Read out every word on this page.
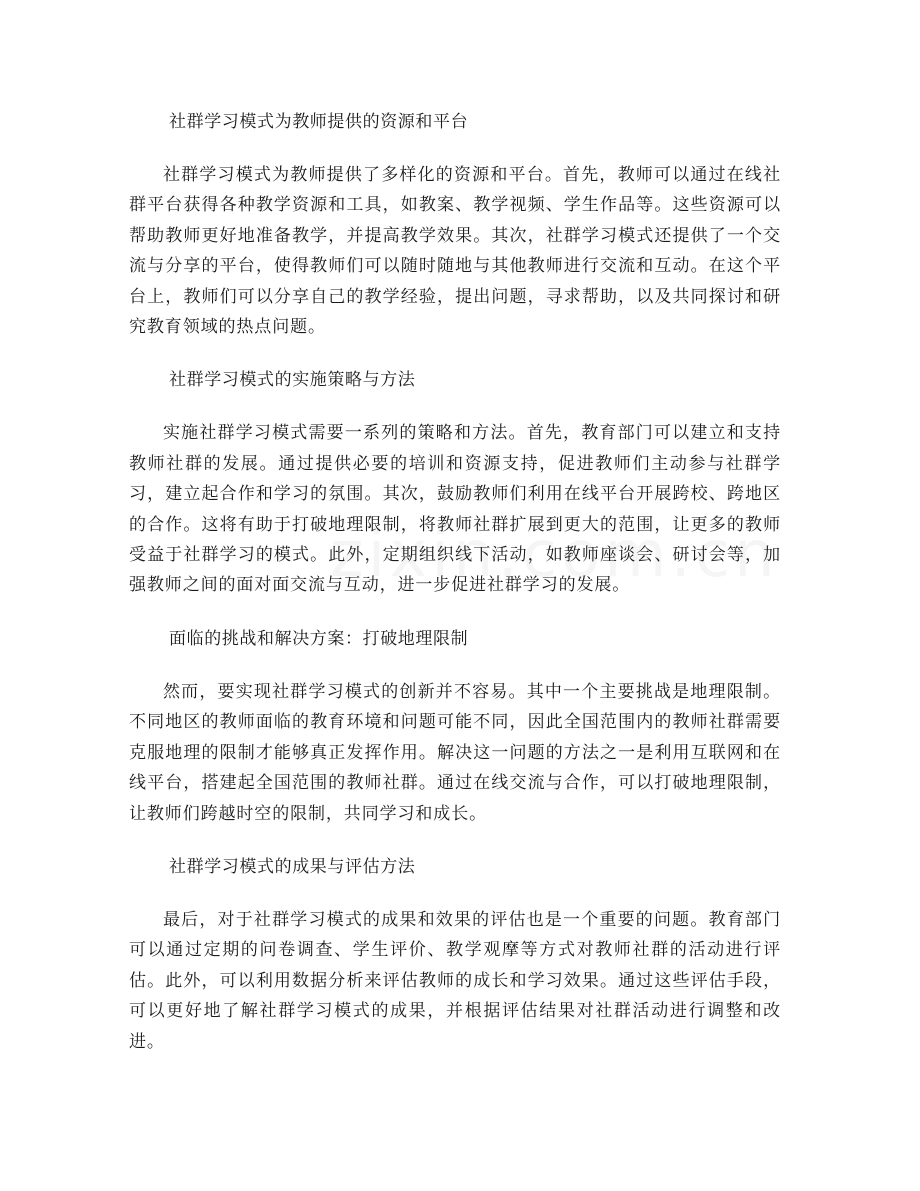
社群学习模式为教师提供的资源和平台

社群学习模式为教师提供了多样化的资源和平台。首先，教师可以通过在线社群平台获得各种教学资源和工具，如教案、教学视频、学生作品等。这些资源可以帮助教师更好地准备教学，并提高教学效果。其次，社群学习模式还提供了一个交流与分享的平台，使得教师们可以随时随地与其他教师进行交流和互动。在这个平台上，教师们可以分享自己的教学经验，提出问题，寻求帮助，以及共同探讨和研究教育领域的热点问题。

社群学习模式的实施策略与方法

实施社群学习模式需要一系列的策略和方法。首先，教育部门可以建立和支持教师社群的发展。通过提供必要的培训和资源支持，促进教师们主动参与社群学习，建立起合作和学习的氛围。其次，鼓励教师们利用在线平台开展跨校、跨地区的合作。这将有助于打破地理限制，将教师社群扩展到更大的范围，让更多的教师受益于社群学习的模式。此外，定期组织线下活动，如教师座谈会、研讨会等，加强教师之间的面对面交流与互动，进一步促进社群学习的发展。

面临的挑战和解决方案：打破地理限制

然而，要实现社群学习模式的创新并不容易。其中一个主要挑战是地理限制。不同地区的教师面临的教育环境和问题可能不同，因此全国范围内的教师社群需要克服地理的限制才能够真正发挥作用。解决这一问题的方法之一是利用互联网和在线平台，搭建起全国范围的教师社群。通过在线交流与合作，可以打破地理限制，让教师们跨越时空的限制，共同学习和成长。

社群学习模式的成果与评估方法

最后，对于社群学习模式的成果和效果的评估也是一个重要的问题。教育部门可以通过定期的问卷调查、学生评价、教学观摩等方式对教师社群的活动进行评估。此外，可以利用数据分析来评估教师的成长和学习效果。通过这些评估手段，可以更好地了解社群学习模式的成果，并根据评估结果对社群活动进行调整和改进。
